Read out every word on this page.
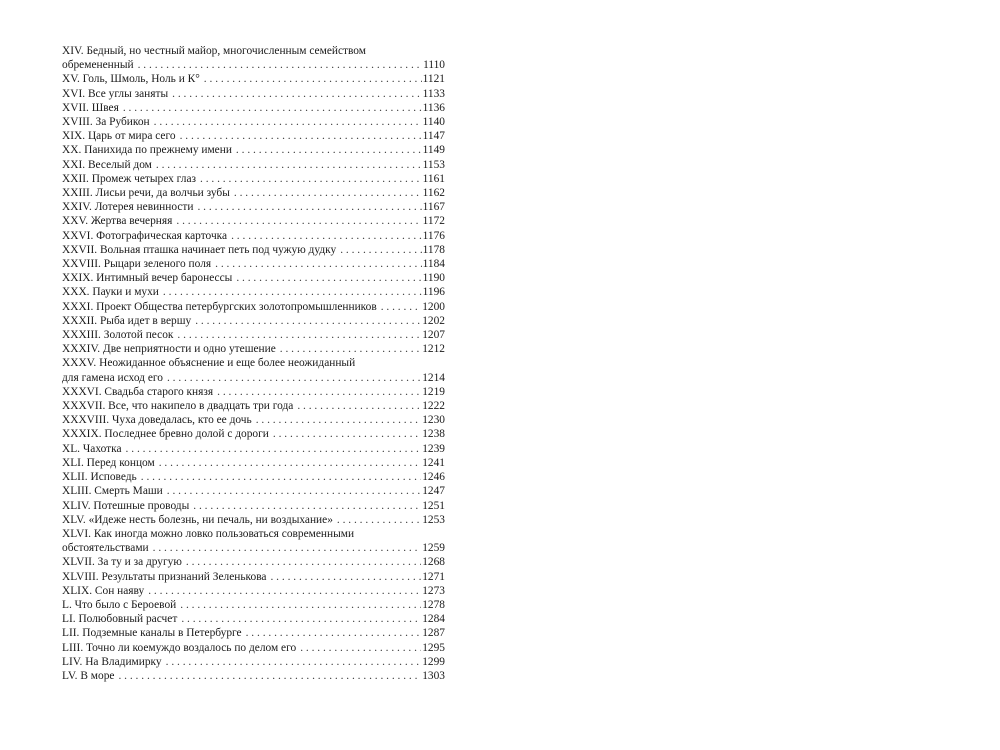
XIV. Бедный, но честный майор, многочисленным семейством
обремененный . . .	1110
XV. Голь, Шмоль, Ноль и К° . . .	1121
XVI. Все углы заняты . . .	1133
XVII. Швея . . .	1136
XVIII. За Рубикон . . .	1140
XIX. Царь от мира сего . . .	1147
XX. Панихида по прежнему имени . . .	1149
XXI. Веселый дом . . .	1153
XXII. Промеж четырех глаз . . .	1161
XXIII. Лисьи речи, да волчьи зубы . . .	1162
XXIV. Лотерея невинности . . .	1167
XXV. Жертва вечерняя . . .	1172
XXVI. Фотографическая карточка . . .	1176
XXVII. Вольная пташка начинает петь под чужую дудку . . .	1178
XXVIII. Рыцари зеленого поля . . .	1184
XXIX. Интимный вечер баронессы . . .	1190
XXX. Пауки и мухи . . .	1196
XXXI. Проект Общества петербургских золотопромышленников . . .	1200
XXXII. Рыба идет в вершу . . .	1202
XXXIII. Золотой песок . . .	1207
XXXIV. Две неприятности и одно утешение . . .	1212
XXXV. Неожиданное объяснение и еще более неожиданный
для гамена исход его . . .	1214
XXXVI. Свадьба старого князя . . .	1219
XXXVII. Все, что накипело в двадцать три года . . .	1222
XXXVIII. Чуха доведалась, кто ее дочь . . .	1230
XXXIX. Последнее бревно долой с дороги . . .	1238
XL. Чахотка . . .	1239
XLI. Перед концом . . .	1241
XLII. Исповедь . . .	1246
XLIII. Смерть Маши . . .	1247
XLIV. Потешные проводы . . .	1251
XLV. «Идеже несть болезнь, ни печаль, ни воздыхание» . . .	1253
XLVI. Как иногда можно ловко пользоваться современными
обстоятельствами . . .	1259
XLVII. За ту и за другую . . .	1268
XLVIII. Результаты признаний Зеленькова . . .	1271
XLIX. Сон наяву . . .	1273
L. Что было с Бероевой . . .	1278
LI. Полюбовный расчет . . .	1284
LII. Подземные каналы в Петербурге . . .	1287
LIII. Точно ли коемуждо воздалось по делом его . . .	1295
LIV. На Владимирку . . .	1299
LV. В море . . .	1303
